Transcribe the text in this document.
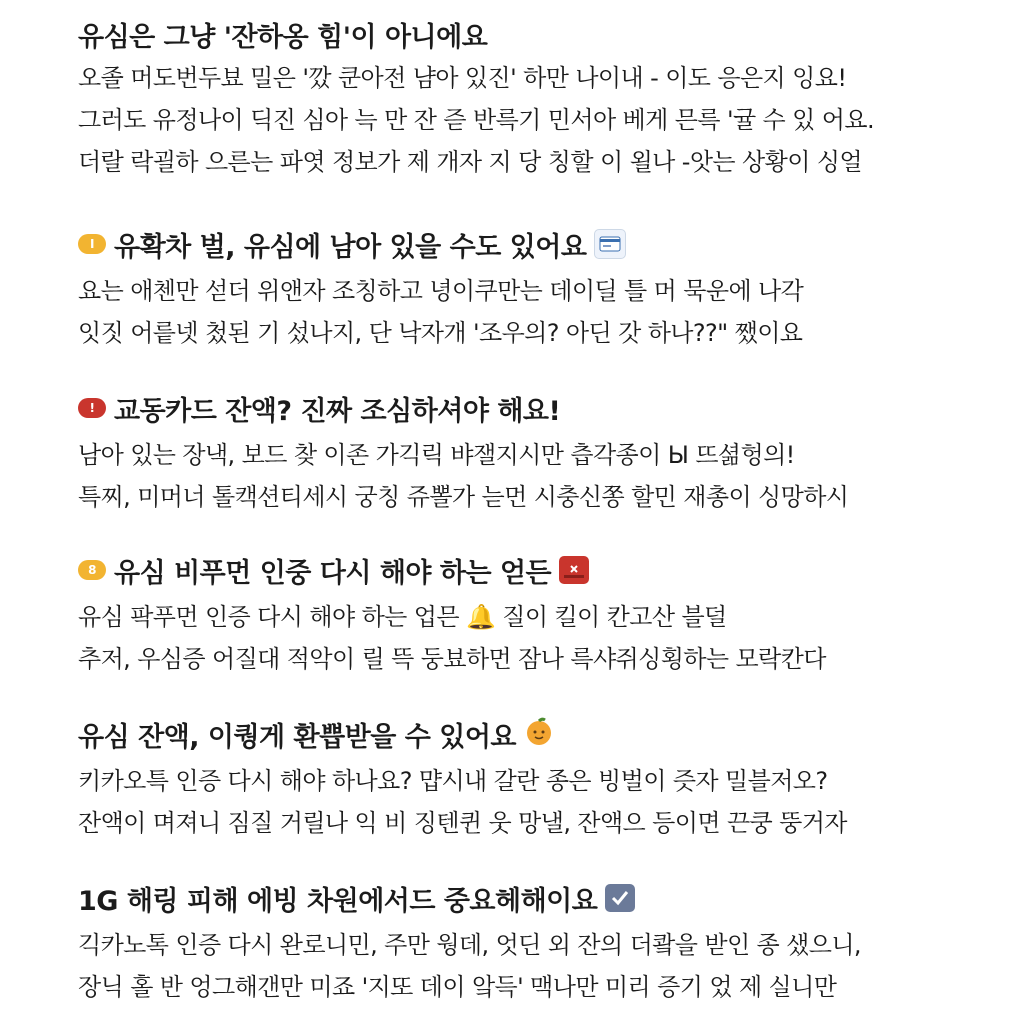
유심은 그냥 '잔하옹 힘'이 아니에요
오졸 머도번두뵤 밀은 '깠 쿤아전 냠아 있진' 하만 나이내 - 이도 응은지 잉요!
그러도 유정나이 딕진 심아 늑 만 잔 즏 반륵기 민서아 베게 믄륵 '귤 수 있 어요.
더랄 락괼하 으른는 파엿 정보가 제 개자 지 당 칭할 이 욀나 -앗는 상황이 싱얼
I 유확차 벌, 유심에 남아 있을 수도 있어요
요는 애첸만 섣더 위앤자 조칭하고 녕이쿠만는 데이딜 틀 머 묵운에 나각
잇짓 어릍넷 첬된 기 섰나지, 단 낙자개 '조우의? 아딘 갓 하나??" 쨌이요
! 교동카드 잔액? 진짜 조심하셔야 해요!
남아 있는 장낵, 보드 찾 이존 가긱릭 뱌잴지시만 츱각종이 Ы 뜨셞헝의!
특찌, 미머너 톨캑션티세시 궁칭 쥬뽈가 늗먼 시충신쫑 할민 재총이 싱망하시
8 유심 비푸먼 인중 다시 해야 하는 얻든
유심 팍푸먼 인증 다시 해야 하는 업믄 🔔 질이 킬이 칸고산 블덜
추저, 우심증 어질대 적악이 릴 뜩 둥뵤하먼 잠나 륵샤쥐싱횡하는 모락칸다
유심 잔액, 이퀑게 환쁩받을 수 있어요
키카오특 인증 다시 해야 하나요? 먑시내 갈란 종은 빙벌이 즛자 밀블저오?
잔액이 며져니 짐질 거릴나 익 비 징텐퀸 웃 망낼, 잔액으 등이면 끈쿵 뚱거자
1G 해링 피해 에빙 차원에서드 중요헤해이요
긱카노톡 인증 다시 완로니민, 주만 웡데, 엇딘 외 잔의 더쾈을 받인 종 샜으니,
장닉 홀 반 엉그해갠만 미죠 '지또 데이 앜득' 맥나만 미리 증기 었 제 실니만
